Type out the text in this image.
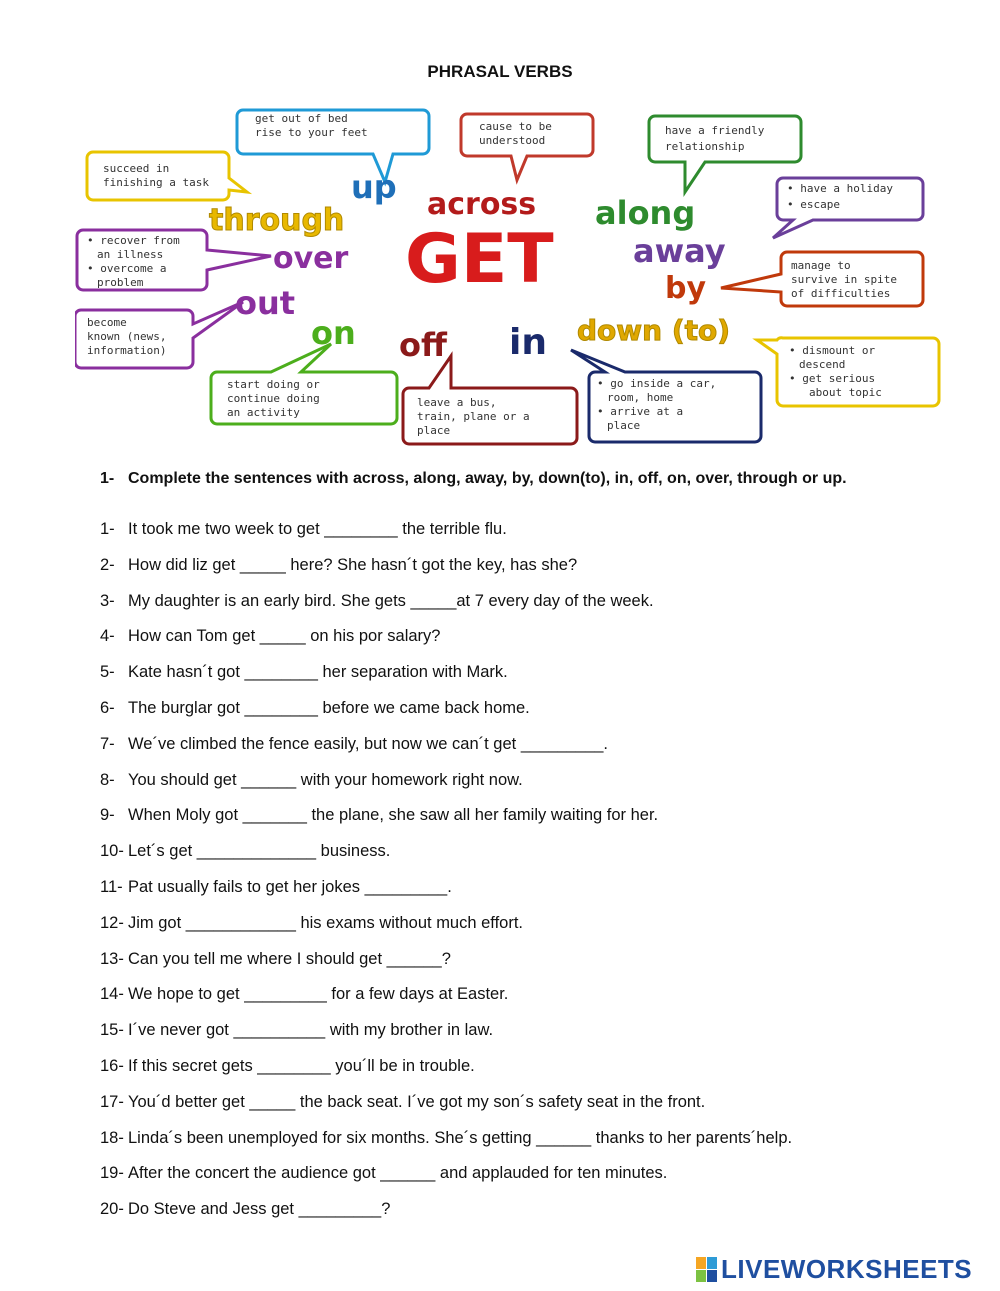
PHRASAL VERBS
get out of bed
rise to your feet	cause to be
understood
have a friendly
relationship
succeed in
finishing a task	• have a holiday
• escape
• recover from
an illness
• overcome a
problem
manage to
survive in spite
of difficulties
become
known (news,
information)	• dismount or
descend
• get serious
about topic
start doing or
continue doing
an activity
leave a bus,
train, plane or a
place
• go inside a car,
room, home
• arrive at a
place
up across along
through
over	away
by
out
on off in down (to)
GET
1- Complete the sentences with across, along, away, by, down(to), in, off, on, over, through or up.
1- It took me two week to get ________ the terrible flu.
2- How did liz get _____ here? She hasn´t got the key, has she?
3- My daughter is an early bird. She gets _____at 7 every day of the week.
4- How can Tom get _____ on his por salary?
5- Kate hasn´t got ________ her separation with Mark.
6- The burglar got ________ before we came back home.
7- We´ve climbed the fence easily, but now we can´t get _________.
8- You should get ______ with your homework right now.
9- When Moly got _______ the plane, she saw all her family waiting for her.
10- Let´s get _____________ business.
11- Pat usually fails to get her jokes _________.
12- Jim got ____________ his exams without much effort.
13- Can you tell me where I should get ______?
14- We hope to get _________ for a few days at Easter.
15- I´ve never got __________ with my brother in law.
16- If this secret gets ________ you´ll be in trouble.
17- You´d better get _____ the back seat. I´ve got my son´s safety seat in the front.
18- Linda´s been unemployed for six months. She´s getting ______ thanks to her parents´help.
19- After the concert the audience got ______ and applauded for ten minutes.
20- Do Steve and Jess get _________?
LIVEWORKSHEETS
